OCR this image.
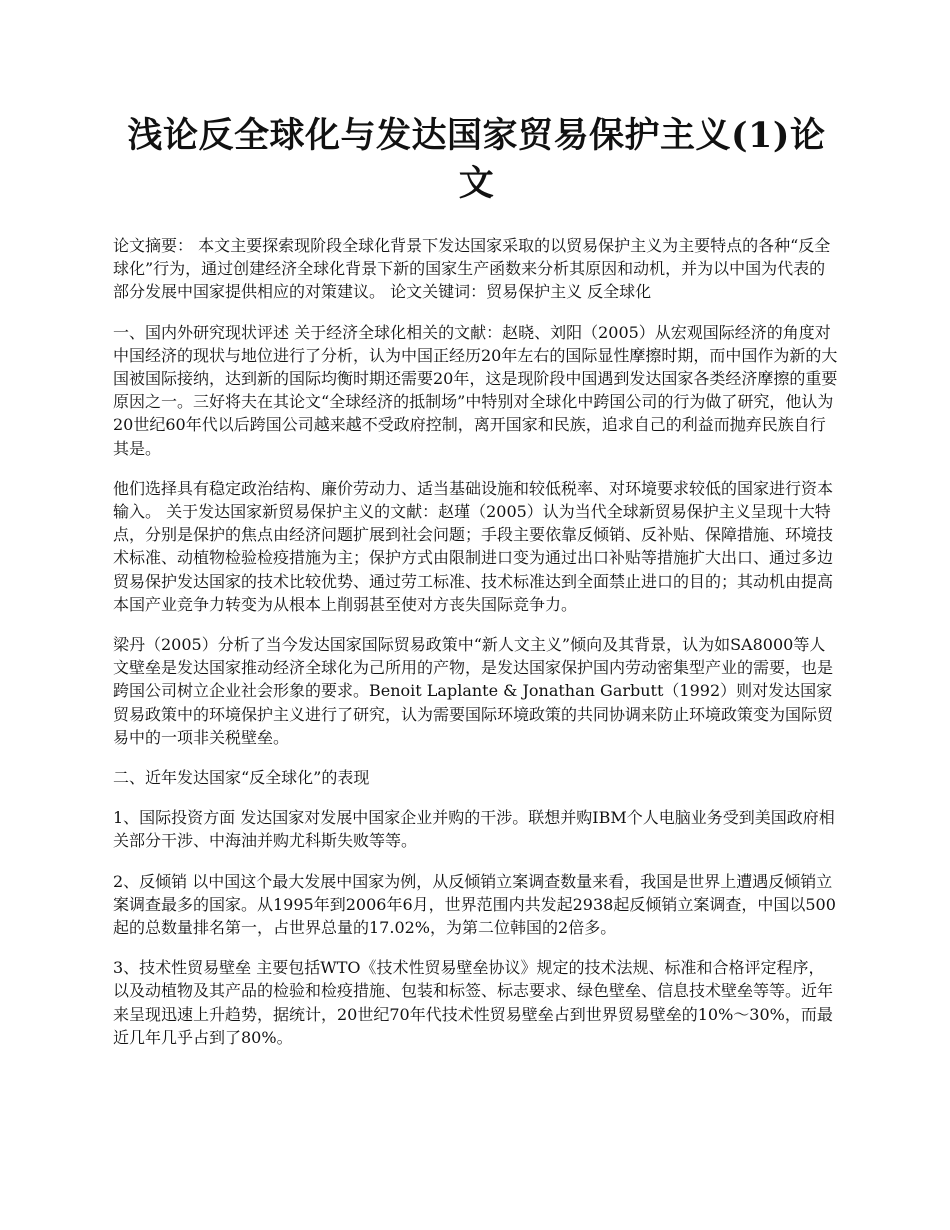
浅论反全球化与发达国家贸易保护主义(1)论文

论文摘要： 本文主要探索现阶段全球化背景下发达国家采取的以贸易保护主义为主要特点的各种“反全球化”行为，通过创建经济全球化背景下新的国家生产函数来分析其原因和动机，并为以中国为代表的部分发展中国家提供相应的对策建议。 论文关键词：贸易保护主义 反全球化

一、国内外研究现状评述 关于经济全球化相关的文献：赵晓、刘阳（2005）从宏观国际经济的角度对中国经济的现状与地位进行了分析，认为中国正经历20年左右的国际显性摩擦时期，而中国作为新的大国被国际接纳，达到新的国际均衡时期还需要20年，这是现阶段中国遇到发达国家各类经济摩擦的重要原因之一。三好将夫在其论文“全球经济的抵制场”中特别对全球化中跨国公司的行为做了研究，他认为20世纪60年代以后跨国公司越来越不受政府控制，离开国家和民族，追求自己的利益而抛弃民族自行其是。

他们选择具有稳定政治结构、廉价劳动力、适当基础设施和较低税率、对环境要求较低的国家进行资本输入。 关于发达国家新贸易保护主义的文献：赵瑾（2005）认为当代全球新贸易保护主义呈现十大特点，分别是保护的焦点由经济问题扩展到社会问题；手段主要依靠反倾销、反补贴、保障措施、环境技术标准、动植物检验检疫措施为主；保护方式由限制进口变为通过出口补贴等措施扩大出口、通过多边贸易保护发达国家的技术比较优势、通过劳工标准、技术标准达到全面禁止进口的目的；其动机由提高本国产业竞争力转变为从根本上削弱甚至使对方丧失国际竞争力。

梁丹（2005）分析了当今发达国家国际贸易政策中“新人文主义”倾向及其背景，认为如SA8000等人文壁垒是发达国家推动经济全球化为己所用的产物，是发达国家保护国内劳动密集型产业的需要，也是跨国公司树立企业社会形象的要求。Benoit Laplante & Jonathan Garbutt（1992）则对发达国家贸易政策中的环境保护主义进行了研究，认为需要国际环境政策的共同协调来防止环境政策变为国际贸易中的一项非关税壁垒。

二、近年发达国家“反全球化”的表现

1、国际投资方面 发达国家对发展中国家企业并购的干涉。联想并购IBM个人电脑业务受到美国政府相关部分干涉、中海油并购尤科斯失败等等。

2、反倾销 以中国这个最大发展中国家为例，从反倾销立案调查数量来看，我国是世界上遭遇反倾销立案调查最多的国家。从1995年到2006年6月，世界范围内共发起2938起反倾销立案调查，中国以500起的总数量排名第一，占世界总量的17.02%，为第二位韩国的2倍多。

3、技术性贸易壁垒 主要包括WTO《技术性贸易壁垒协议》规定的技术法规、标准和合格评定程序，以及动植物及其产品的检验和检疫措施、包装和标签、标志要求、绿色壁垒、信息技术壁垒等等。近年来呈现迅速上升趋势，据统计，20世纪70年代技术性贸易壁垒占到世界贸易壁垒的10%～30%，而最近几年几乎占到了80%。
